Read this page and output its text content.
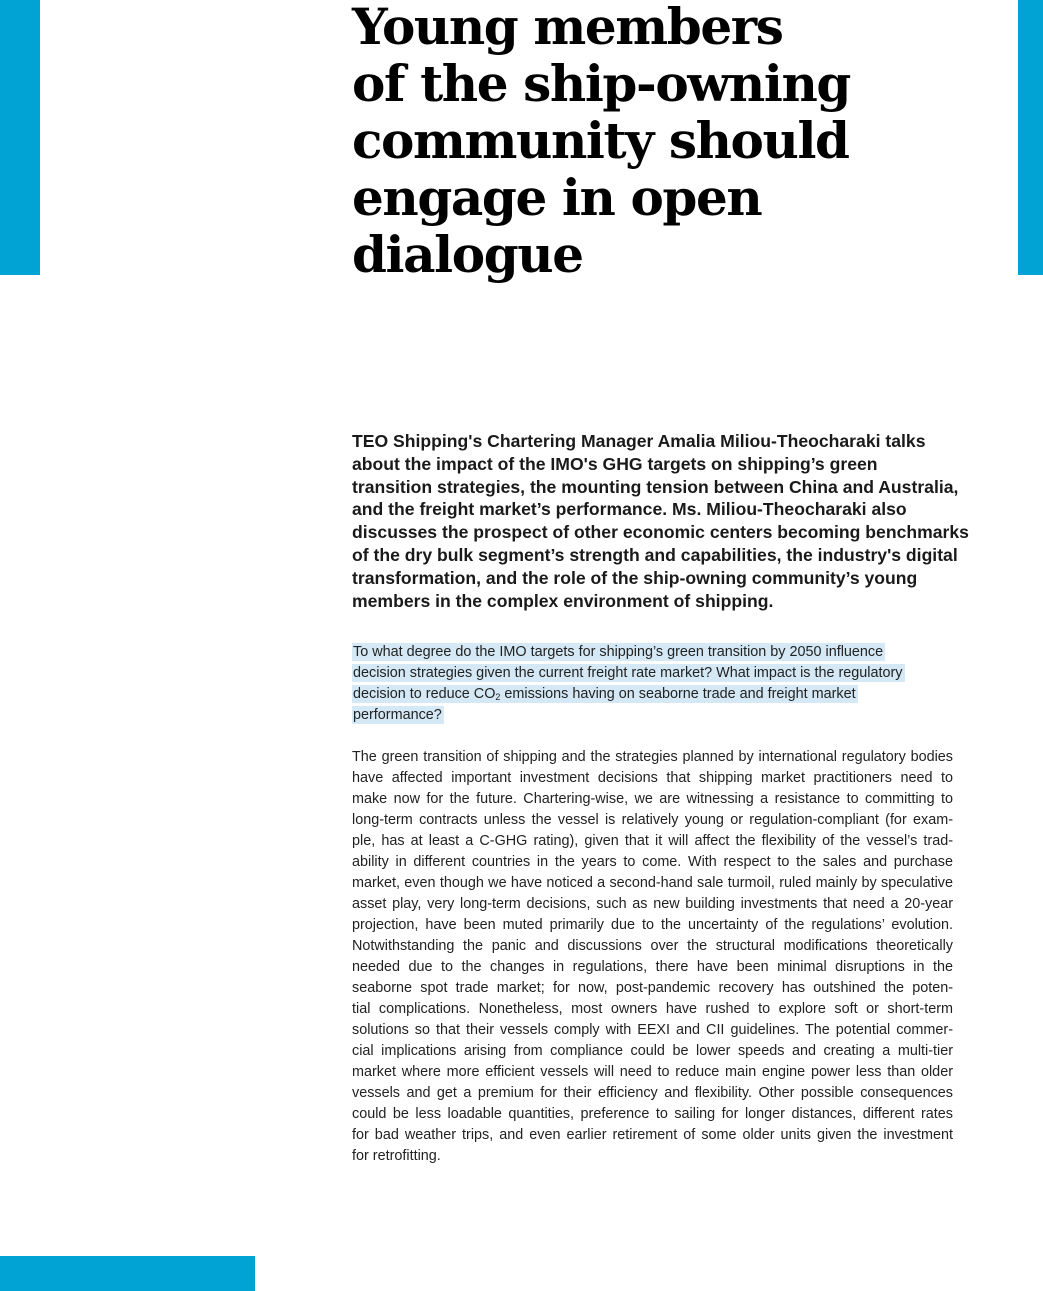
Young members
of the ship-owning
community should
engage in open
dialogue

TEO Shipping's Chartering Manager Amalia Miliou-Theocharaki talks
about the impact of the IMO's GHG targets on shipping’s green
transition strategies, the mounting tension between China and Australia,
and the freight market’s performance. Ms. Miliou-Theocharaki also
discusses the prospect of other economic centers becoming benchmarks
of the dry bulk segment’s strength and capabilities, the industry's digital
transformation, and the role of the ship-owning community’s young
members in the complex environment of shipping.

To what degree do the IMO targets for shipping’s green transition by 2050 influence
decision strategies given the current freight rate market? What impact is the regulatory
decision to reduce $CO_2$ emissions having on seaborne trade and freight market
performance?

The green transition of shipping and the strategies planned by international regulatory bodies
have affected important investment decisions that shipping market practitioners need to
make now for the future. Chartering-wise, we are witnessing a resistance to committing to
long-term contracts unless the vessel is relatively young or regulation-compliant (for exam-
ple, has at least a C-GHG rating), given that it will affect the flexibility of the vessel’s trad-
ability in different countries in the years to come. With respect to the sales and purchase
market, even though we have noticed a second-hand sale turmoil, ruled mainly by speculative
asset play, very long-term decisions, such as new building investments that need a 20-year
projection, have been muted primarily due to the uncertainty of the regulations’ evolution.
Notwithstanding the panic and discussions over the structural modifications theoretically
needed due to the changes in regulations, there have been minimal disruptions in the
seaborne spot trade market; for now, post-pandemic recovery has outshined the poten-
tial complications. Nonetheless, most owners have rushed to explore soft or short-term
solutions so that their vessels comply with EEXI and CII guidelines. The potential commer-
cial implications arising from compliance could be lower speeds and creating a multi-tier
market where more efficient vessels will need to reduce main engine power less than older
vessels and get a premium for their efficiency and flexibility. Other possible consequences
could be less loadable quantities, preference to sailing for longer distances, different rates
for bad weather trips, and even earlier retirement of some older units given the investment
for retrofitting.
